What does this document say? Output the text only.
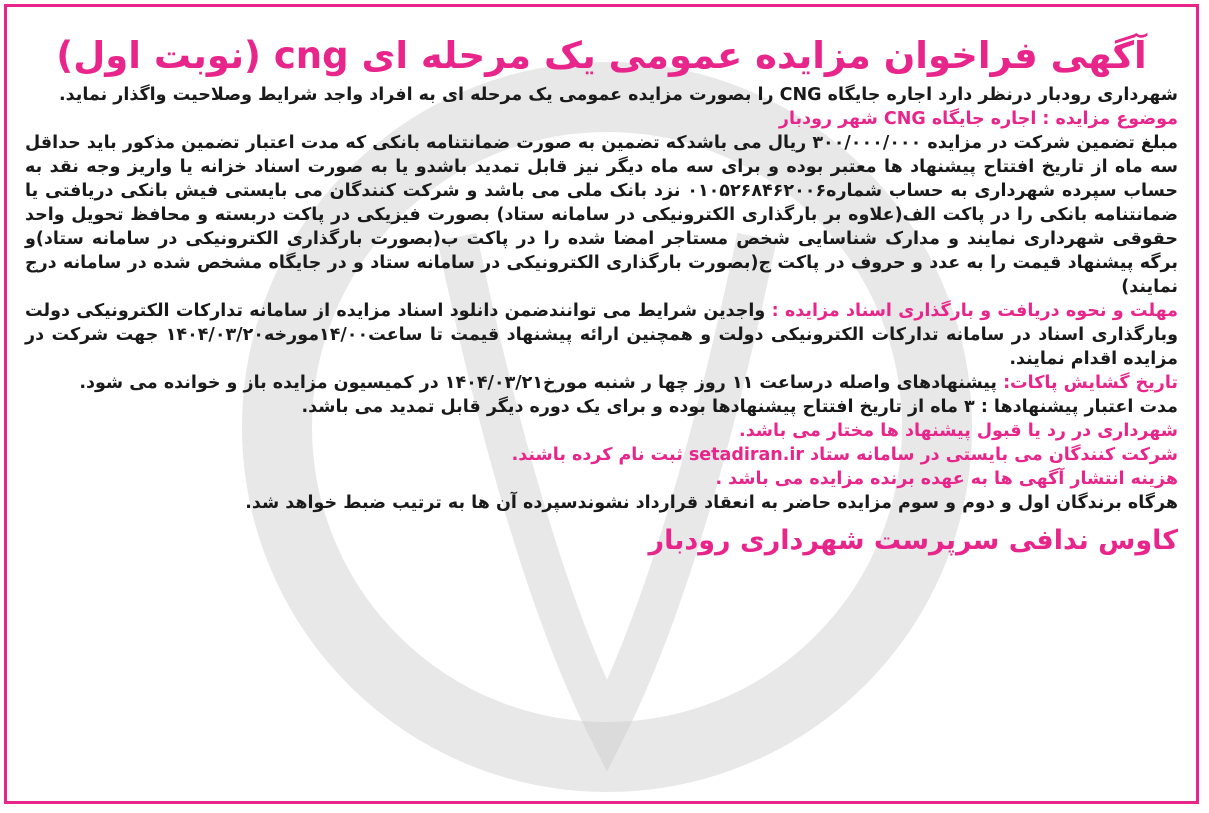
آگهی فراخوان مزایده عمومی یک مرحله ای cng (نوبت اول)

شهرداری رودبار درنظر دارد اجاره جایگاه CNG را بصورت مزایده عمومی یک مرحله ای به افراد واجد شرایط وصلاحیت واگذار نماید.

موضوع مزایده : اجاره جایگاه CNG شهر رودبار

مبلغ تضمین شرکت در مزایده ۳۰۰/۰۰۰/۰۰۰ ریال می باشدکه تضمین به صورت ضمانتنامه بانکی که مدت اعتبار تضمین مذکور باید حداقل سه ماه از تاریخ افتتاح پیشنهاد ها معتبر بوده و برای سه ماه دیگر نیز قابل تمدید باشدو یا به صورت اسناد خزانه یا واریز وجه نقد به حساب سپرده شهرداری به حساب شماره۰۱۰۵۲۶۸۴۶۲۰۰۶ نزد بانک ملی می باشد و شرکت کنندگان می بایستی فیش بانکی دریافتی یا ضمانتنامه بانکی را در پاکت الف(علاوه بر بارگذاری الکترونیکی در سامانه ستاد) بصورت فیزیکی در پاکت دربسته و محافظ تحویل واحد حقوقی شهرداری نمایند و مدارک شناسایی شخص مستاجر امضا شده را در پاکت ب(بصورت بارگذاری الکترونیکی در سامانه ستاد)و برگه پیشنهاد قیمت را به عدد و حروف در پاکت ج(بصورت بارگذاری الکترونیکی در سامانه ستاد و در جایگاه مشخص شده در سامانه درج نمایند)

مهلت و نحوه دریافت و بارگذاری اسناد مزایده : واجدین شرایط می توانندضمن دانلود اسناد مزایده از سامانه تدارکات الکترونیکی دولت وبارگذاری اسناد در سامانه تدارکات الکترونیکی دولت و همچنین ارائه پیشنهاد قیمت تا ساعت۱۴/۰۰مورخه۱۴۰۴/۰۳/۲۰ جهت شرکت در مزایده اقدام نمایند.

تاریخ گشایش پاکات: پیشنهادهای واصله درساعت ۱۱ روز چها ر شنبه مورخ۱۴۰۴/۰۳/۲۱ در کمیسیون مزایده باز و خوانده می شود.

مدت اعتبار پیشنهادها : ۳ ماه از تاریخ افتتاح پیشنهادها بوده و برای یک دوره دیگر قابل تمدید می باشد.

شهرداری در رد یا قبول پیشنهاد ها مختار می باشد.

شرکت کنندگان می بایستی در سامانه ستاد setadiran.ir ثبت نام کرده باشند.

هزینه انتشار آگهی ها به عهده برنده مزایده می باشد .

هرگاه برندگان اول و دوم و سوم مزایده حاضر به انعقاد قرارداد نشوندسپرده آن ها به ترتیب ضبط خواهد شد.

کاوس ندافی سرپرست شهرداری رودبار
